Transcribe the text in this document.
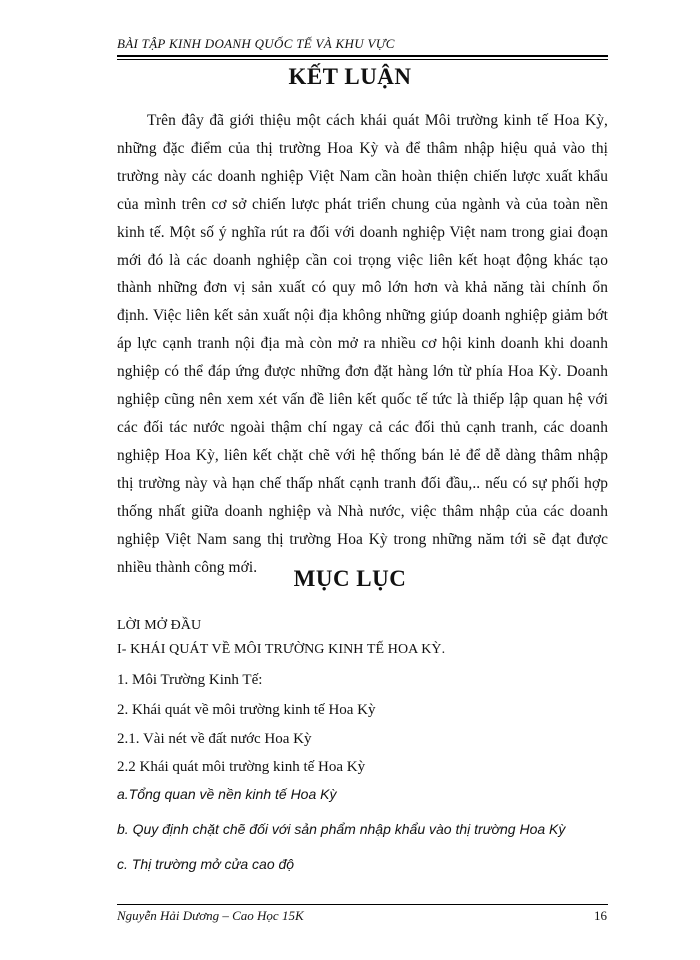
BÀI TẬP KINH DOANH QUỐC TẾ VÀ KHU VỰC
KẾT LUẬN
Trên đây đã giới thiệu một cách khái quát Môi trường kinh tế Hoa Kỳ, những đặc điểm của thị trường Hoa Kỳ và để thâm nhập hiệu quả vào thị trường này các doanh nghiệp Việt Nam cần hoàn thiện chiến lược xuất khẩu của mình trên cơ sở chiến lược phát triển chung của ngành và của toàn nền kinh tế. Một số ý nghĩa rút ra đối với doanh nghiệp Việt nam trong giai đoạn mới đó là các doanh nghiệp cần coi trọng việc liên kết hoạt động khác tạo thành những đơn vị sản xuất có quy mô lớn hơn và khả năng tài chính ổn định. Việc liên kết sản xuất nội địa không những giúp doanh nghiệp giảm bớt áp lực cạnh tranh nội địa mà còn mở ra nhiều cơ hội kinh doanh khi doanh nghiệp có thể đáp ứng được những đơn đặt hàng lớn từ phía Hoa Kỳ. Doanh nghiệp cũng nên xem xét vấn đề liên kết quốc tế tức là thiếp lập quan hệ với các đối tác nước ngoài thậm chí ngay cả các đối thủ cạnh tranh, các doanh nghiệp Hoa Kỳ, liên kết chặt chẽ với hệ thống bán lẻ để dễ dàng thâm nhập thị trường này và hạn chế thấp nhất cạnh tranh đối đầu,.. nếu có sự phối hợp thống nhất giữa doanh nghiệp và Nhà nước, việc thâm nhập của các doanh nghiệp Việt Nam sang thị trường Hoa Kỳ trong những năm tới sẽ đạt được nhiều thành công mới.	MỤC LỤC
LỜI MỞ ĐẦU
I- KHÁI QUÁT VỀ MÔI TRƯỜNG KINH TẾ HOA KỲ.
1. Môi Trường Kinh Tế:
2. Khái quát về môi trường kinh tế Hoa Kỳ
2.1. Vài nét về đất nước Hoa Kỳ
2.2 Khái quát môi trường kinh tế Hoa Kỳ
a.Tổng quan về nền kinh tế Hoa Kỳ
b. Quy định chặt chẽ đối với sản phẩm nhập khẩu vào thị trường Hoa Kỳ
c. Thị trường mở cửa cao độ
Nguyễn Hải Dương – Cao Học 15K	16
